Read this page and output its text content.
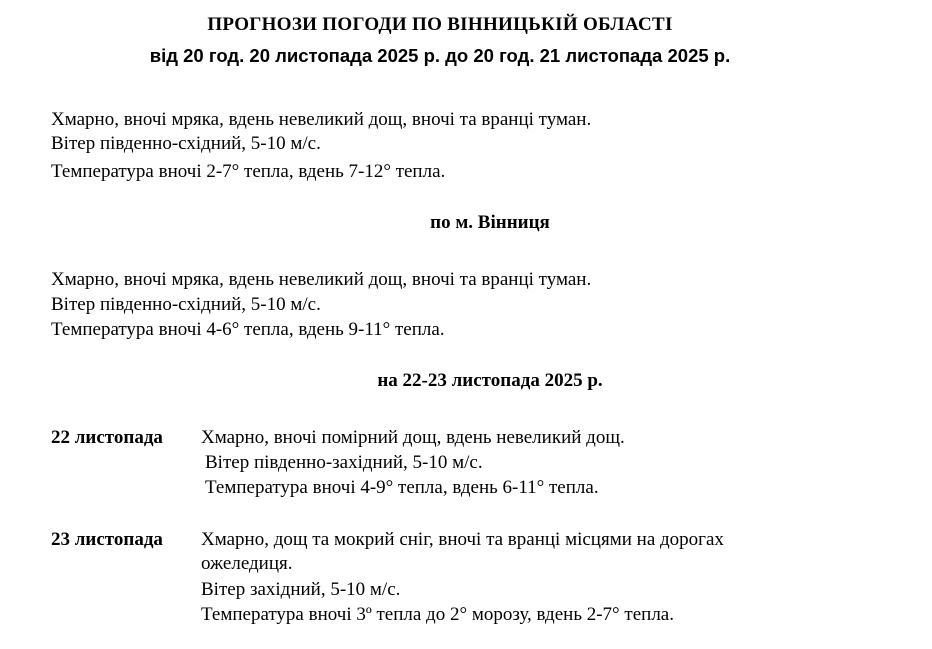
ПРОГНОЗИ ПОГОДИ ПО ВІННИЦЬКІЙ ОБЛАСТІ
від 20 год. 20 листопада 2025 р. до 20 год. 21 листопада 2025 р.
Хмарно, вночі мряка, вдень невеликий дощ, вночі та вранці туман.
Вітер південно-східний, 5-10 м/с.
Температура вночі 2-7° тепла, вдень 7-12° тепла.
по м. Вінниця
Хмарно, вночі мряка, вдень невеликий дощ, вночі та вранці туман.
Вітер південно-східний, 5-10 м/с.
Температура вночі 4-6° тепла, вдень 9-11° тепла.
на 22-23 листопада 2025 р.
22 листопада Хмарно, вночі помірний дощ, вдень невеликий дощ.
Вітер південно-західний, 5-10 м/с.
Температура вночі 4-9° тепла, вдень 6-11° тепла.
23 листопада Хмарно, дощ та мокрий сніг, вночі та вранці місцями на дорогах
ожеледиця.
Вітер західний, 5-10 м/с.
Температура вночі 3º тепла до 2° морозу, вдень 2-7° тепла.
